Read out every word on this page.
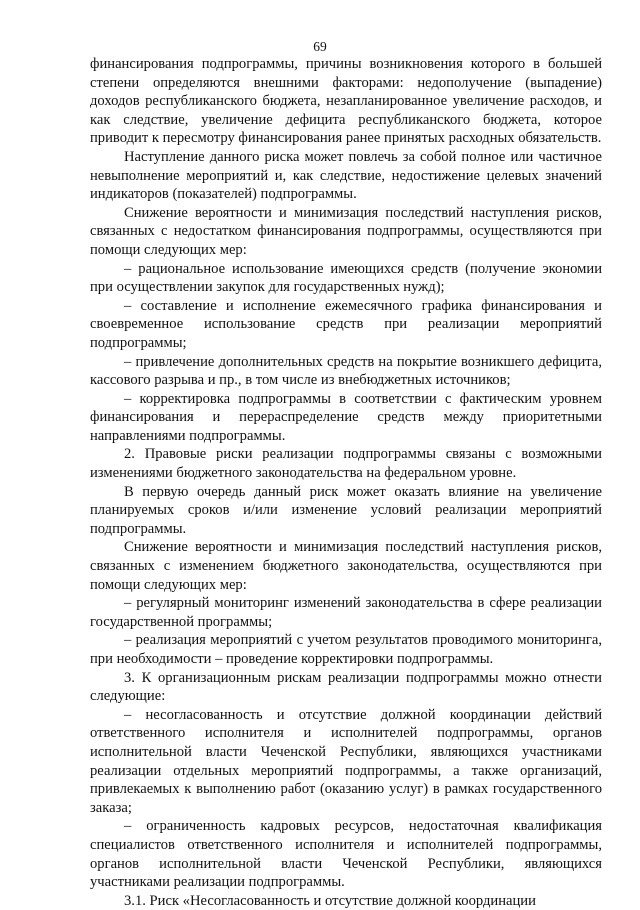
69

финансирования подпрограммы, причины возникновения которого в большей степени определяются внешними факторами: недополучение (выпадение) доходов республиканского бюджета, незапланированное увеличение расходов, и как следствие, увеличение дефицита республиканского бюджета, которое приводит к пересмотру финансирования ранее принятых расходных обязательств.

Наступление данного риска может повлечь за собой полное или частичное невыполнение мероприятий и, как следствие, недостижение целевых значений индикаторов (показателей) подпрограммы.

Снижение вероятности и минимизация последствий наступления рисков, связанных с недостатком финансирования подпрограммы, осуществляются при помощи следующих мер:

– рациональное использование имеющихся средств (получение экономии при осуществлении закупок для государственных нужд);

– составление и исполнение ежемесячного графика финансирования и своевременное использование средств при реализации мероприятий подпрограммы;

– привлечение дополнительных средств на покрытие возникшего дефицита, кассового разрыва и пр., в том числе из внебюджетных источников;

– корректировка подпрограммы в соответствии с фактическим уровнем финансирования и перераспределение средств между приоритетными направлениями подпрограммы.

2. Правовые риски реализации подпрограммы связаны с возможными изменениями бюджетного законодательства на федеральном уровне.

В первую очередь данный риск может оказать влияние на увеличение планируемых сроков и/или изменение условий реализации мероприятий подпрограммы.

Снижение вероятности и минимизация последствий наступления рисков, связанных с изменением бюджетного законодательства, осуществляются при помощи следующих мер:

– регулярный мониторинг изменений законодательства в сфере реализации государственной программы;

– реализация мероприятий с учетом результатов проводимого мониторинга, при необходимости – проведение корректировки подпрограммы.

3. К организационным рискам реализации подпрограммы можно отнести следующие:

– несогласованность и отсутствие должной координации действий ответственного исполнителя и исполнителей подпрограммы, органов исполнительной власти Чеченской Республики, являющихся участниками реализации отдельных мероприятий подпрограммы, а также организаций, привлекаемых к выполнению работ (оказанию услуг) в рамках государственного заказа;

– ограниченность кадровых ресурсов, недостаточная квалификация специалистов ответственного исполнителя и исполнителей подпрограммы, органов исполнительной власти Чеченской Республики, являющихся участниками реализации подпрограммы.

3.1. Риск «Несогласованность и отсутствие должной координации
